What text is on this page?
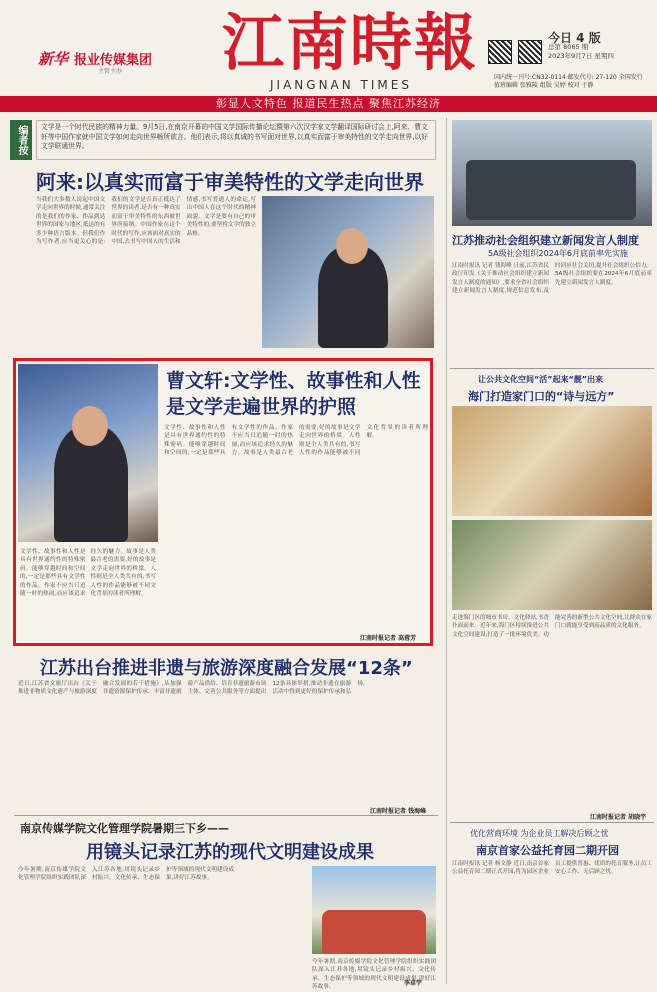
新华 报业传媒集团
主管主办 江南時報
JIANGNAN TIMES
今日 4 版
总第 8065 期
2023年9月7日 星期四
国内统一刊号:CN32-0114 邮发代号: 27-120 全国发行
值班编辑 张雅陵 组版 吴婷 校对 于静
彰显人文特色 报道民生热点 聚焦江苏经济
编者按	文学是一个时代民族的精神力量。9月5日,在南京开幕的中国文学国际传播论坛暨第六次汉学家文学翻译国际研讨会上,阿来、曹文轩等中国作家就中国文学如何走向世界畅所欲言。他们表示,将以真诚的书写面对世界,以真实而富于审美特性的文学走向世界,以好文学联通世界。
阿来:以真实而富于审美特性的文学走向世界
当我们大多数人说起中国文学走向世界的时候,通常关注的是我们的作家、作品到达世界的国家与地区,抵达的有多少种语言版本。但我们作为写作者,应当更关心的是:我们的文学是否真正抵达了世界的读者,是否有一种真实而富于审美特性的东西被世界所接纳。中国作家在这个时代的写作,应该面对真实的中国,去书写中国人的生活和情感,书写普通人的命运,写出中国人在这个时代的精神面貌。文学是要有自己的审美特性的,要坚持文学的独立品格。
曹文轩:文学性、故事性和人性
是文学走遍世界的护照
文学性、故事性和人性是具有世界通约性的特殊密码。能够穿越时间和空间的,一定是那些具有文学性的作品。作家不应当只追随一时的热闹,而应该追求经久的魅力。故事是人类最古老的需要,好的故事是文学走向世界的桥梁。人性则是全人类共有的,书写人性的作品能够被不同文化背景的读者所理解。
文学性、故事性和人性是具有世界通约性的特殊密码。能够穿越时间和空间的,一定是那些具有文学性的作品。作家不应当只追随一时的热闹,而应该追求经久的魅力。故事是人类最古老的需要,好的故事是文学走向世界的桥梁。人性则是全人类共有的,书写人性的作品能够被不同文化背景的读者所理解。
江南时报记者 高蓉芳
江苏出台推进非遗与旅游深度融合发展“12条”
近日,江苏省文旅厅出台《关于推进非物质文化遗产与旅游深度融合发展的若干措施》,从加强非遗资源保护传承、丰富非遗旅游产品供给、培育非遗旅游市场主体、完善公共服务等方面提出12条具体举措,推动非遗在旅游活动中得到更好的保护传承和弘扬。
江南时报记者 钱海峰
南京传媒学院文化管理学院暑期三下乡——
用镜头记录江苏的现代文明建设成果
今年暑期,南京传媒学院文化管理学院组织实践团队深入江苏各地,用镜头记录乡村振兴、文化传承、生态保护等领域的现代文明建设成果,讲好江苏故事。
今年暑期,南京传媒学院文化管理学院组织实践团队深入江苏各地,用镜头记录乡村振兴、文化传承、生态保护等领域的现代文明建设成果,讲好江苏故事。
李卓宇
江苏推动社会组织建立新闻发言人制度
5A级社会组织2024年6月底前率先实施
江南时报讯 记者 钱海峰 日前,江苏省民政厅印发《关于推动社会组织建立新闻发言人制度的通知》,要求全省社会组织建立新闻发言人制度,规范信息发布,及时回应社会关切,提升社会组织公信力。5A级社会组织要在2024年6月底前率先建立新闻发言人制度。
让公共文化空间“活”起来“靓”出来
海门打造家门口的“诗与远方”
走进海门区的城市书房、文化驿站,书香扑面而来。近年来,海门区持续推进公共文化空间建设,打造了一批环境优美、功能完善的新型公共文化空间,让群众在家门口就能享受到高品质的文化服务。
江南时报记者 胡晓宇
优化营商环境 为企业员工解决后顾之忧
南京首家公益托育园二期开园
江南时报讯 记者 杨文静 近日,南京首家公益托育园二期正式开园,将为园区企业员工提供普惠、优质的托育服务,让员工安心工作、无后顾之忧。
